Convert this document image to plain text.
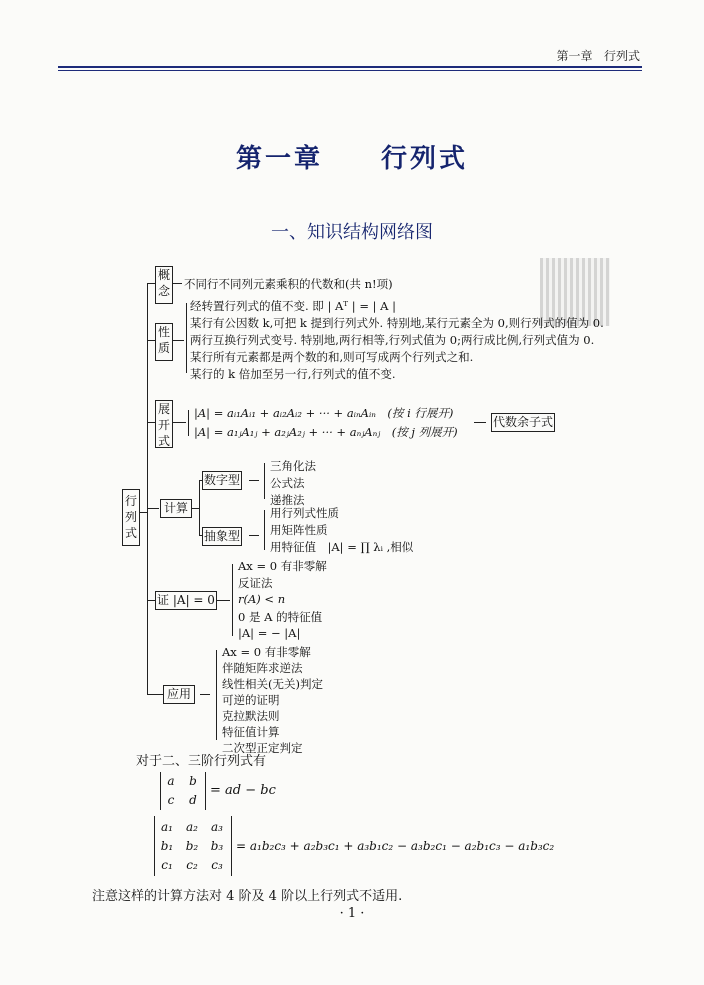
第一章 行列式
第一章　　行列式
一、知识结构网络图
行列式
概念
不同行不同列元素乘积的代数和(共 n!项)
性质
经转置行列式的值不变. 即 | Aᵀ | = | A |
某行有公因数 k,可把 k 提到行列式外. 特别地,某行元素全为 0,则行列式的值为 0.
两行互换行列式变号. 特别地,两行相等,行列式值为 0;两行成比例,行列式值为 0.
某行所有元素都是两个数的和,则可写成两个行列式之和.
某行的 k 倍加至另一行,行列式的值不变.
展开式
|A| = aᵢ₁Aᵢ₁ + aᵢ₂Aᵢ₂ + ··· + aᵢₙAᵢₙ　(按 i 行展开)
|A| = a₁ⱼA₁ⱼ + a₂ⱼA₂ⱼ + ··· + aₙⱼAₙⱼ　(按 j 列展开)
代数余子式
计算
数字型
抽象型
三角化法
公式法
递推法
用行列式性质
用矩阵性质
用特征值　|A| = ∏ λᵢ ,相似
证 |A| = 0
Ax = 0 有非零解
反证法
r(A) < n
0 是 A 的特征值
|A| = − |A|
应用
Ax = 0 有非零解
伴随矩阵求逆法
线性相关(无关)判定
可逆的证明
克拉默法则
特征值计算
二次型正定判定
对于二、三阶行列式有
a	b
c	d
= ad − bc
a₁	a₂	a₃
b₁	b₂	b₃
c₁	c₂	c₃
= a₁b₂c₃ + a₂b₃c₁ + a₃b₁c₂ − a₃b₂c₁ − a₂b₁c₃ − a₁b₃c₂
注意这样的计算方法对 4 阶及 4 阶以上行列式不适用.
· 1 ·
